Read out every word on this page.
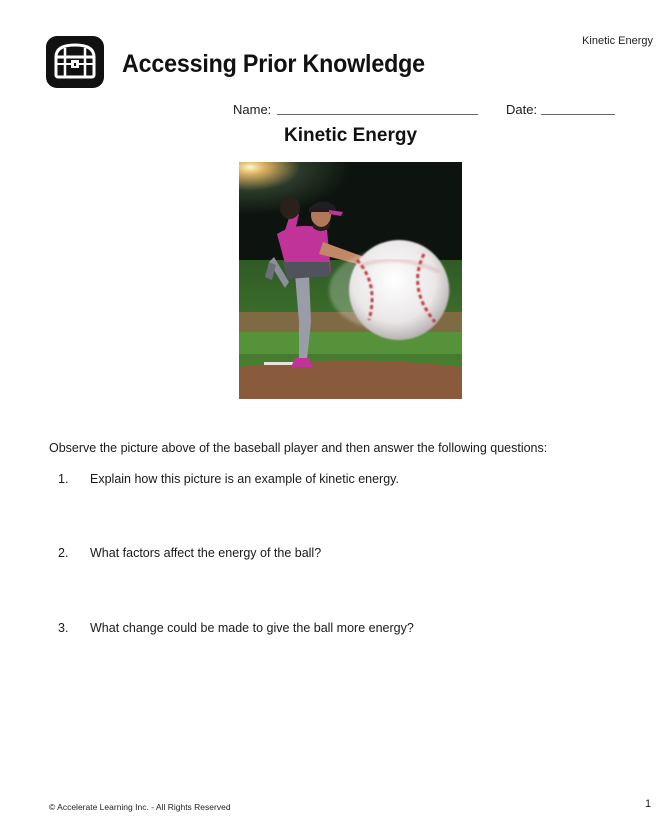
Kinetic Energy
Accessing Prior Knowledge
Name:	Date:
Kinetic Energy
Observe the picture above of the baseball player and then answer the following questions:
1. Explain how this picture is an example of kinetic energy.
2. What factors affect the energy of the ball?
3. What change could be made to give the ball more energy?
© Accelerate Learning Inc. - All Rights Reserved	1
